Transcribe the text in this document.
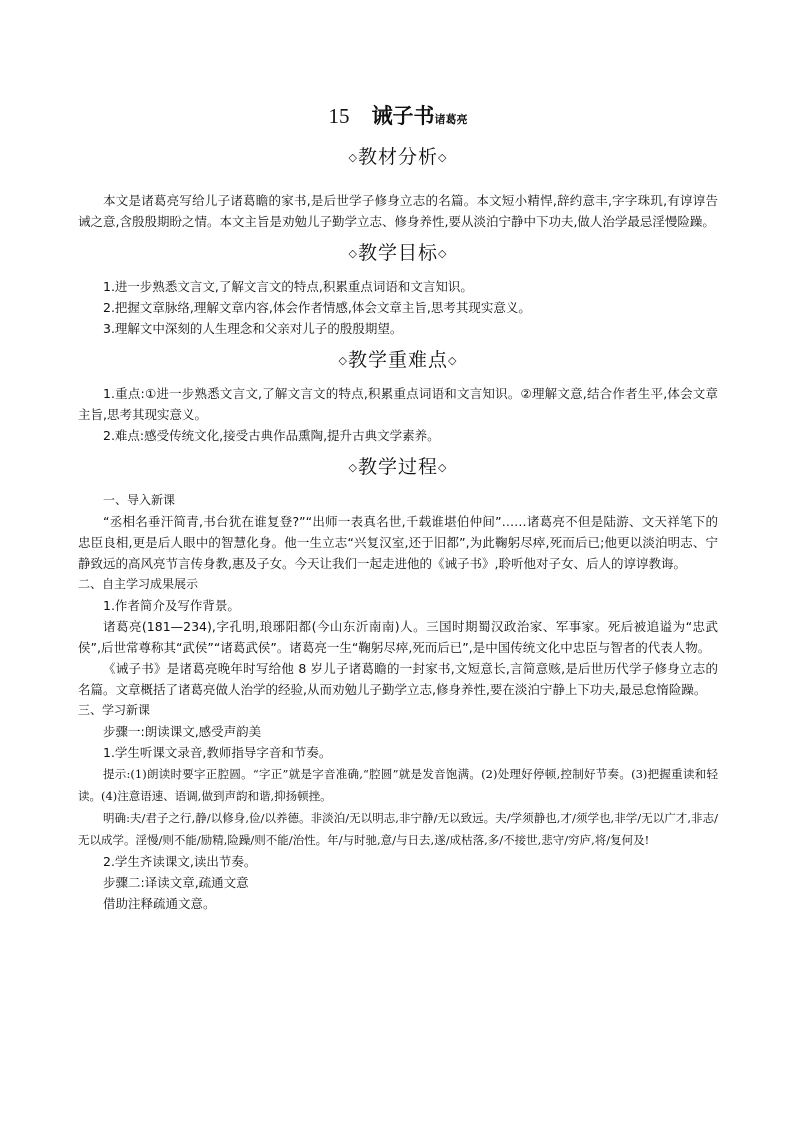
15 诫子书诸葛亮
◇教材分析◇

本文是诸葛亮写给儿子诸葛瞻的家书,是后世学子修身立志的名篇。本文短小精悍,辞约意丰,字字珠玑,有谆谆告诫之意,含殷殷期盼之情。本文主旨是劝勉儿子勤学立志、修身养性,要从淡泊宁静中下功夫,做人治学最忌淫慢险躁。

◇教学目标◇

1.进一步熟悉文言文,了解文言文的特点,积累重点词语和文言知识。

2.把握文章脉络,理解文章内容,体会作者情感,体会文章主旨,思考其现实意义。

3.理解文中深刻的人生理念和父亲对儿子的殷殷期望。

◇教学重难点◇

1.重点:①进一步熟悉文言文,了解文言文的特点,积累重点词语和文言知识。②理解文意,结合作者生平,体会文章主旨,思考其现实意义。

2.难点:感受传统文化,接受古典作品熏陶,提升古典文学素养。

◇教学过程◇

一、导入新课

“丞相名垂汗简青,书台犹在谁复登?”“出师一表真名世,千载谁堪伯仲间”……诸葛亮不但是陆游、文天祥笔下的忠臣良相,更是后人眼中的智慧化身。他一生立志“兴复汉室,还于旧都”,为此鞠躬尽瘁,死而后已;他更以淡泊明志、宁静致远的高风亮节言传身教,惠及子女。今天让我们一起走进他的《诫子书》,聆听他对子女、后人的谆谆教诲。

二、自主学习成果展示

1.作者简介及写作背景。

诸葛亮(181—234),字孔明,琅琊阳都(今山东沂南南)人。三国时期蜀汉政治家、军事家。死后被追谥为“忠武侯”,后世常尊称其“武侯”“诸葛武侯”。诸葛亮一生“鞠躬尽瘁,死而后已”,是中国传统文化中忠臣与智者的代表人物。

《诫子书》是诸葛亮晚年时写给他 8 岁儿子诸葛瞻的一封家书,文短意长,言简意赅,是后世历代学子修身立志的名篇。文章概括了诸葛亮做人治学的经验,从而劝勉儿子勤学立志,修身养性,要在淡泊宁静上下功夫,最忌怠惰险躁。

三、学习新课

步骤一:朗读课文,感受声韵美

1.学生听课文录音,教师指导字音和节奏。

提示:(1)朗读时要字正腔圆。“字正”就是字音准确,“腔圆”就是发音饱满。(2)处理好停顿,控制好节奏。(3)把握重读和轻读。(4)注意语速、语调,做到声韵和谐,抑扬顿挫。

明确:夫/君子之行,静/以修身,俭/以养德。非淡泊/无以明志,非宁静/无以致远。夫/学须静也,才/须学也,非学/无以广才,非志/无以成学。淫慢/则不能/励精,险躁/则不能/治性。年/与时驰,意/与日去,遂/成枯落,多/不接世,悲守/穷庐,将/复何及!

2.学生齐读课文,读出节奏。

步骤二:译读文章,疏通文意

借助注释疏通文意。
